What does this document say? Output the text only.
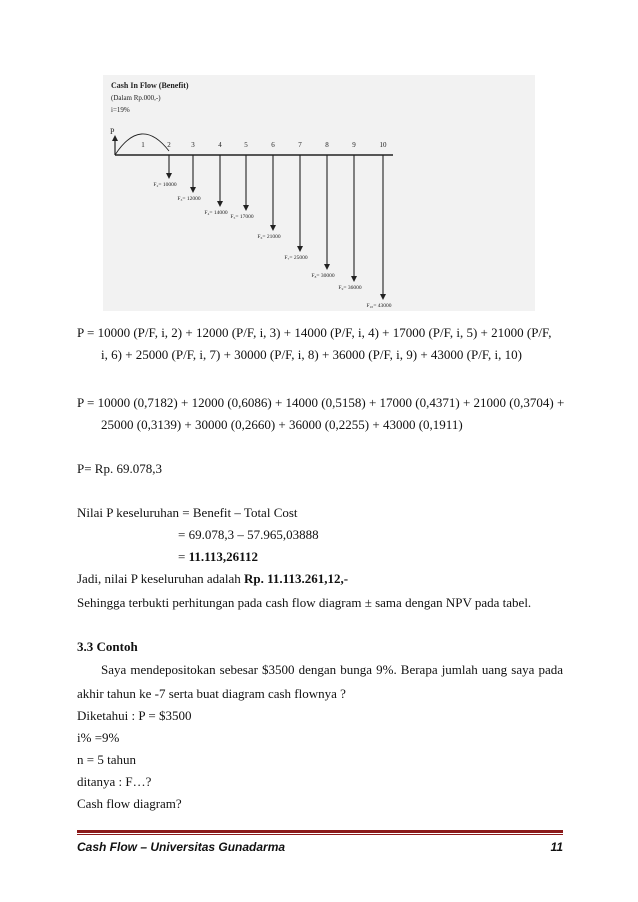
Cash In Flow (Benefit)
(Dalam Rp.000,-)
i=19%
P
1	2	3	4	5	6	7	8	9	10
F₂= 10000
F₃= 12000
F₄= 14000
F₅= 17000
F₆= 21000
F₇= 25000
F₈= 30000
F₉= 36000
F₁₀= 43000
P = 10000 (P/F, i, 2) + 12000 (P/F, i, 3) + 14000 (P/F, i, 4) + 17000 (P/F, i, 5) + 21000 (P/F,
i, 6) + 25000 (P/F, i, 7) + 30000 (P/F, i, 8) + 36000 (P/F, i, 9) + 43000 (P/F, i, 10)
P = 10000 (0,7182) + 12000 (0,6086) + 14000 (0,5158) + 17000 (0,4371) + 21000 (0,3704) +
25000 (0,3139) + 30000 (0,2660) + 36000 (0,2255) + 43000 (0,1911)
P= Rp. 69.078,3
Nilai P keseluruhan = Benefit – Total Cost
= 69.078,3 – 57.965,03888
= 11.113,26112
Jadi, nilai P keseluruhan adalah Rp. 11.113.261,12,-
Sehingga terbukti perhitungan pada cash flow diagram ± sama dengan NPV pada tabel.
3.3 Contoh
Saya mendepositokan sebesar $3500 dengan bunga 9%. Berapa jumlah uang saya pada
akhir tahun ke -7 serta buat diagram cash flownya ?
Diketahui : P = $3500
i% =9%
n = 5 tahun
ditanya : F…?
Cash flow diagram?
Cash Flow – Universitas Gunadarma	11
